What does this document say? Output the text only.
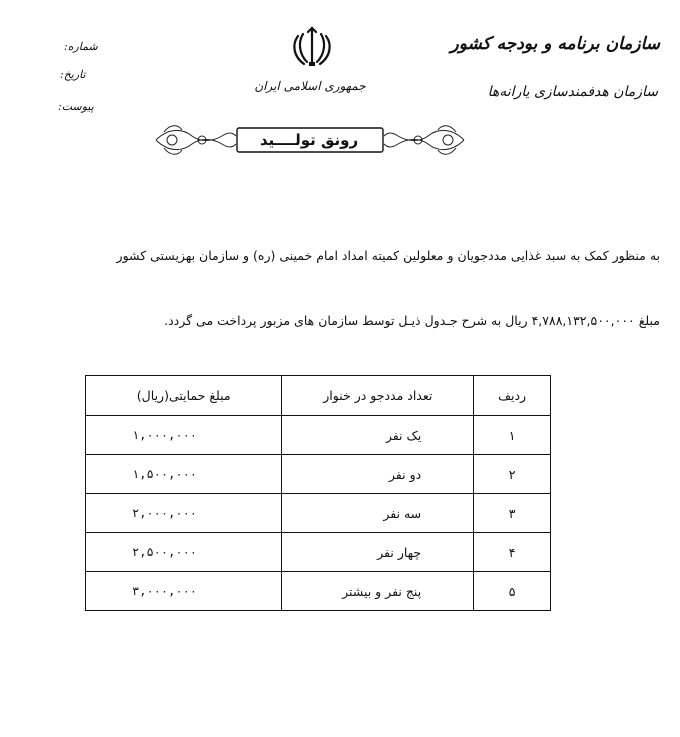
سازمان برنامه و بودجه کشور
سازمان هدفمندسازی یارانه‌ها
شماره:
تاریخ:
پیوست:
جمهوری اسلامی ایران
رونق تولــــید
به منظور کمک به سبد غذایی مددجویان و معلولین کمیته امداد امام خمینی (ره) و سازمان بهزیستی کشور
مبلغ ۴,۷۸۸,۱۳۲,۵۰۰,۰۰۰ ریال به شرح جـدول ذیـل توسط سازمان های مزبور پرداخت می گردد.
ردیف	تعداد مددجو در خنوار	مبلغ حمایتی(ریال)
۱	یک نفر	۱,۰۰۰,۰۰۰
۲	دو نفر	۱,۵۰۰,۰۰۰
۳	سه نفر	۲,۰۰۰,۰۰۰
۴	چهار نفر	۲,۵۰۰,۰۰۰
۵	پنج نفر و بیشتر	۳,۰۰۰,۰۰۰
